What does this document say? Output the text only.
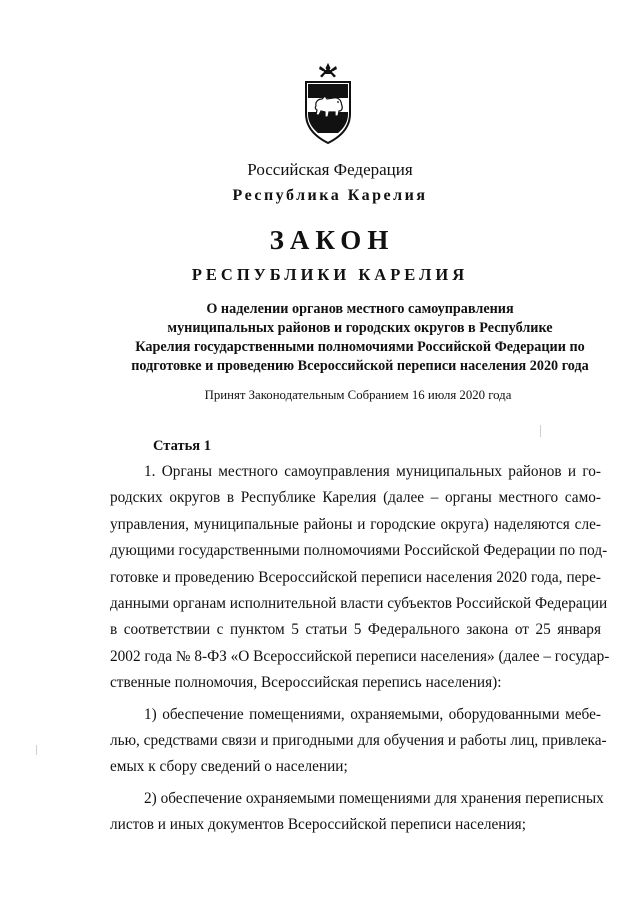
Российская Федерация
Республика Карелия
ЗАКОН
РЕСПУБЛИКИ КАРЕЛИЯ
О наделении органов местного самоуправления
муниципальных районов и городских округов в Республике
Карелия государственными полномочиями Российской Федерации по
подготовке и проведению Всероссийской переписи населения 2020 года
Принят Законодательным Собранием 16 июля 2020 года
Статья 1
1. Органы местного самоуправления муниципальных районов и го-
родских округов в Республике Карелия (далее – органы местного само-
управления, муниципальные районы и городские округа) наделяются сле-
дующими государственными полномочиями Российской Федерации по под-
готовке и проведению Всероссийской переписи населения 2020 года, пере-
данными органам исполнительной власти субъектов Российской Федерации
в соответствии с пунктом 5 статьи 5 Федерального закона от 25 января
2002 года № 8-ФЗ «О Всероссийской переписи населения» (далее – государ-
ственные полномочия, Всероссийская перепись населения):
1) обеспечение помещениями, охраняемыми, оборудованными мебе-
лью, средствами связи и пригодными для обучения и работы лиц, привлека-
емых к сбору сведений о населении;
2) обеспечение охраняемыми помещениями для хранения переписных
листов и иных документов Всероссийской переписи населения;
